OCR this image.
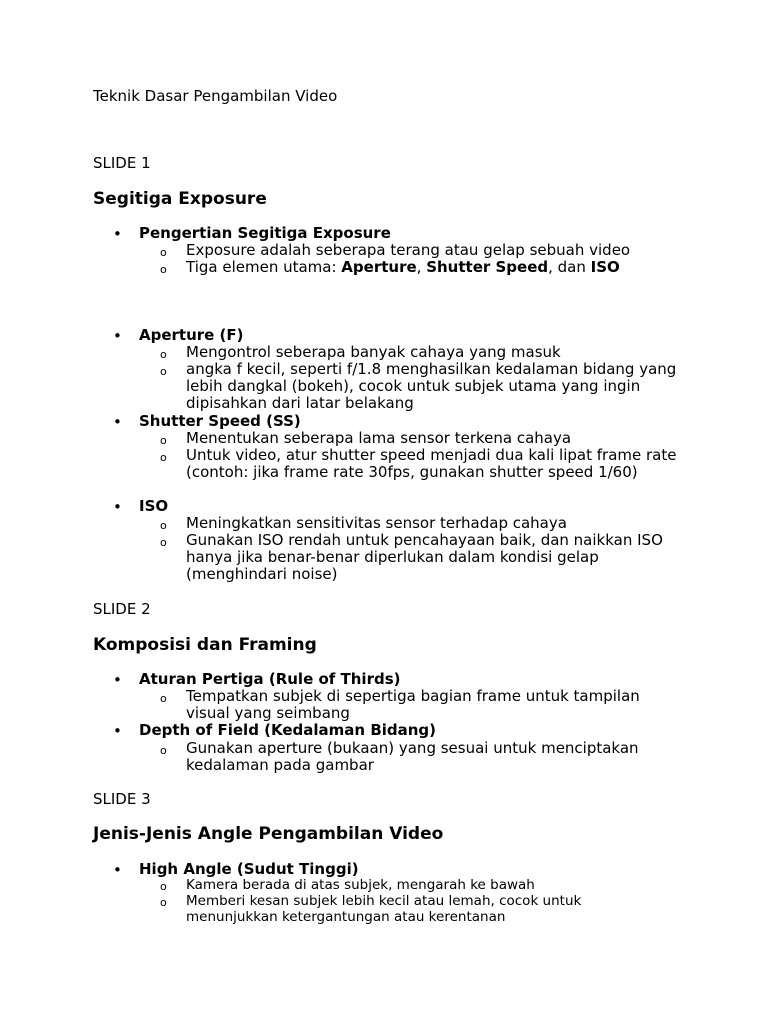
Teknik Dasar Pengambilan Video
SLIDE 1
Segitiga Exposure
• Pengertian Segitiga Exposure
o Exposure adalah seberapa terang atau gelap sebuah video
o Tiga elemen utama: Aperture, Shutter Speed, dan ISO
• Aperture (F)
o Mengontrol seberapa banyak cahaya yang masuk
o angka f kecil, seperti f/1.8 menghasilkan kedalaman bidang yang lebih dangkal (bokeh), cocok untuk subjek utama yang ingin dipisahkan dari latar belakang
• Shutter Speed (SS)
o Menentukan seberapa lama sensor terkena cahaya
o Untuk video, atur shutter speed menjadi dua kali lipat frame rate (contoh: jika frame rate 30fps, gunakan shutter speed 1/60)
• ISO
o Meningkatkan sensitivitas sensor terhadap cahaya
o Gunakan ISO rendah untuk pencahayaan baik, dan naikkan ISO hanya jika benar-benar diperlukan dalam kondisi gelap (menghindari noise)
SLIDE 2
Komposisi dan Framing
• Aturan Pertiga (Rule of Thirds)
o Tempatkan subjek di sepertiga bagian frame untuk tampilan visual yang seimbang
• Depth of Field (Kedalaman Bidang)
o Gunakan aperture (bukaan) yang sesuai untuk menciptakan kedalaman pada gambar
SLIDE 3
Jenis-Jenis Angle Pengambilan Video
• High Angle (Sudut Tinggi)
o Kamera berada di atas subjek, mengarah ke bawah
o Memberi kesan subjek lebih kecil atau lemah, cocok untuk menunjukkan ketergantungan atau kerentanan
